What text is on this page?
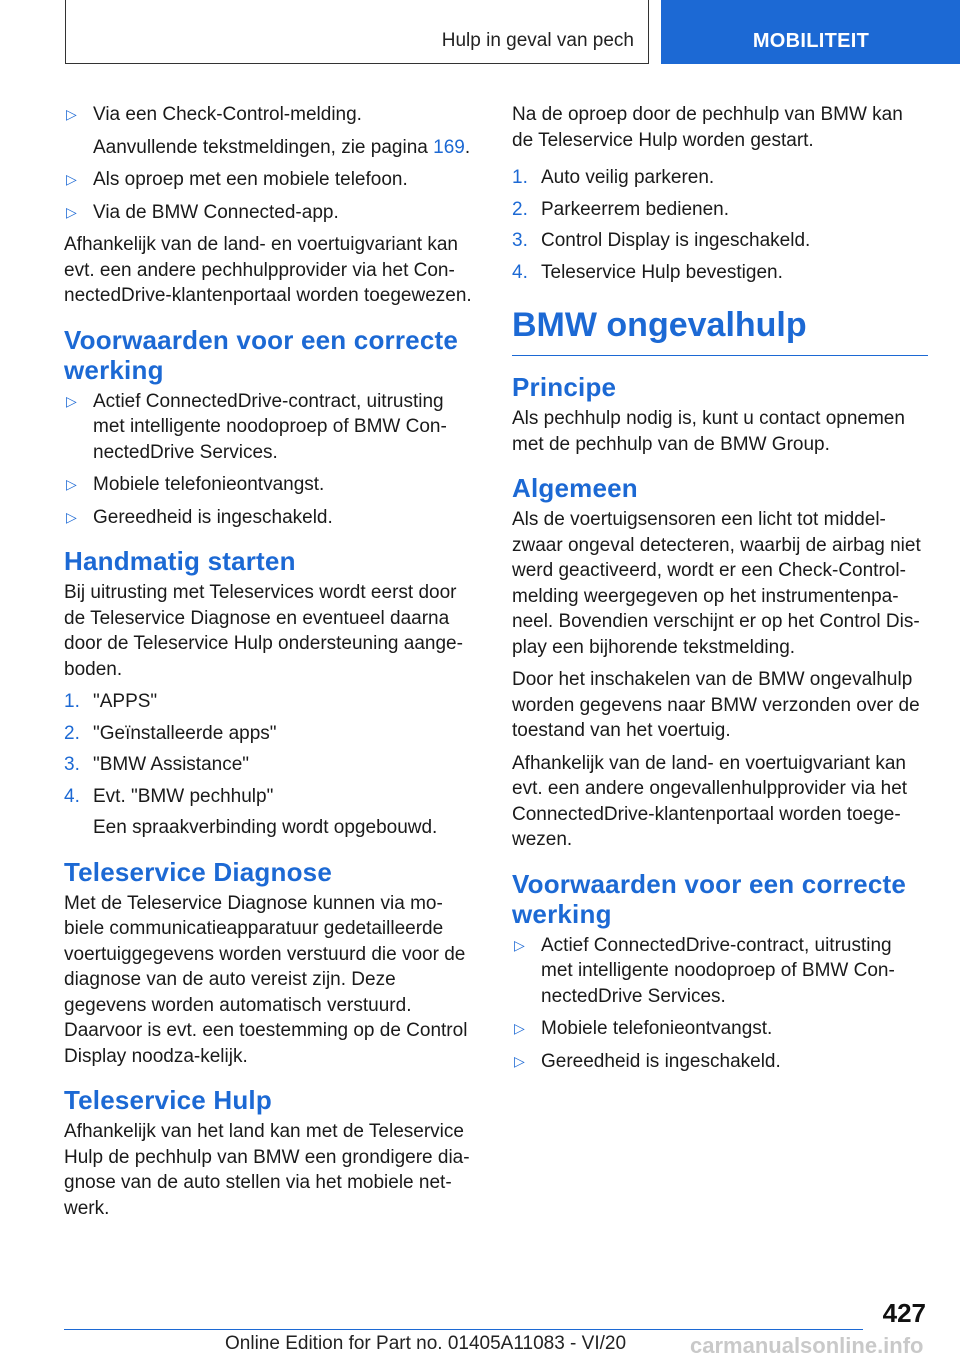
Hulp in geval van pech	MOBILITEIT
▷ Via een Check-Control-melding.
Aanvullende tekstmeldingen, zie pagina 169.
▷ Als oproep met een mobiele telefoon.
▷ Via de BMW Connected-app.

Afhankelijk van de land- en voertuigvariant kan evt. een andere pechhulpprovider via het Con-nectedDrive-klantenportaal worden toegewezen.

Voorwaarden voor een correcte werking
▷ Actief ConnectedDrive-contract, uitrusting met intelligente noodoproep of BMW Con-nectedDrive Services.
▷ Mobiele telefonieontvangst.
▷ Gereedheid is ingeschakeld.
Handmatig starten

Bij uitrusting met Teleservices wordt eerst door de Teleservice Diagnose en eventueel daarna door de Teleservice Hulp ondersteuning aange-boden.

1. "APPS"
2. "Geïnstalleerde apps"
3. "BMW Assistance"
4. Evt. "BMW pechhulp"
Een spraakverbinding wordt opgebouwd.
Teleservice Diagnose

Met de Teleservice Diagnose kunnen via mo-biele communicatieapparatuur gedetailleerde voertuiggegevens worden verstuurd die voor de diagnose van de auto vereist zijn. Deze gegevens worden automatisch verstuurd. Daarvoor is evt. een toestemming op de Control Display noodza-kelijk.

Teleservice Hulp

Afhankelijk van het land kan met de Teleservice Hulp de pechhulp van BMW een grondigere dia-gnose van de auto stellen via het mobiele net-werk.

Na de oproep door de pechhulp van BMW kan de Teleservice Hulp worden gestart.

1. Auto veilig parkeren.
2. Parkeerrem bedienen.
3. Control Display is ingeschakeld.
4. Teleservice Hulp bevestigen.
BMW ongevalhulp
Principe

Als pechhulp nodig is, kunt u contact opnemen met de pechhulp van de BMW Group.

Algemeen

Als de voertuigsensoren een licht tot middel-zwaar ongeval detecteren, waarbij de airbag niet werd geactiveerd, wordt er een Check-Control-melding weergegeven op het instrumentenpa-neel. Bovendien verschijnt er op het Control Dis-play een bijhorende tekstmelding.

Door het inschakelen van de BMW ongevalhulp worden gegevens naar BMW verzonden over de toestand van het voertuig.

Afhankelijk van de land- en voertuigvariant kan evt. een andere ongevallenhulpprovider via het ConnectedDrive-klantenportaal worden toege-wezen.

Voorwaarden voor een correcte werking
▷ Actief ConnectedDrive-contract, uitrusting met intelligente noodoproep of BMW Con-nectedDrive Services.
▷ Mobiele telefonieontvangst.
▷ Gereedheid is ingeschakeld.
427
Online Edition for Part no. 01405A11083 - VI/20	carmanualsonline.info
